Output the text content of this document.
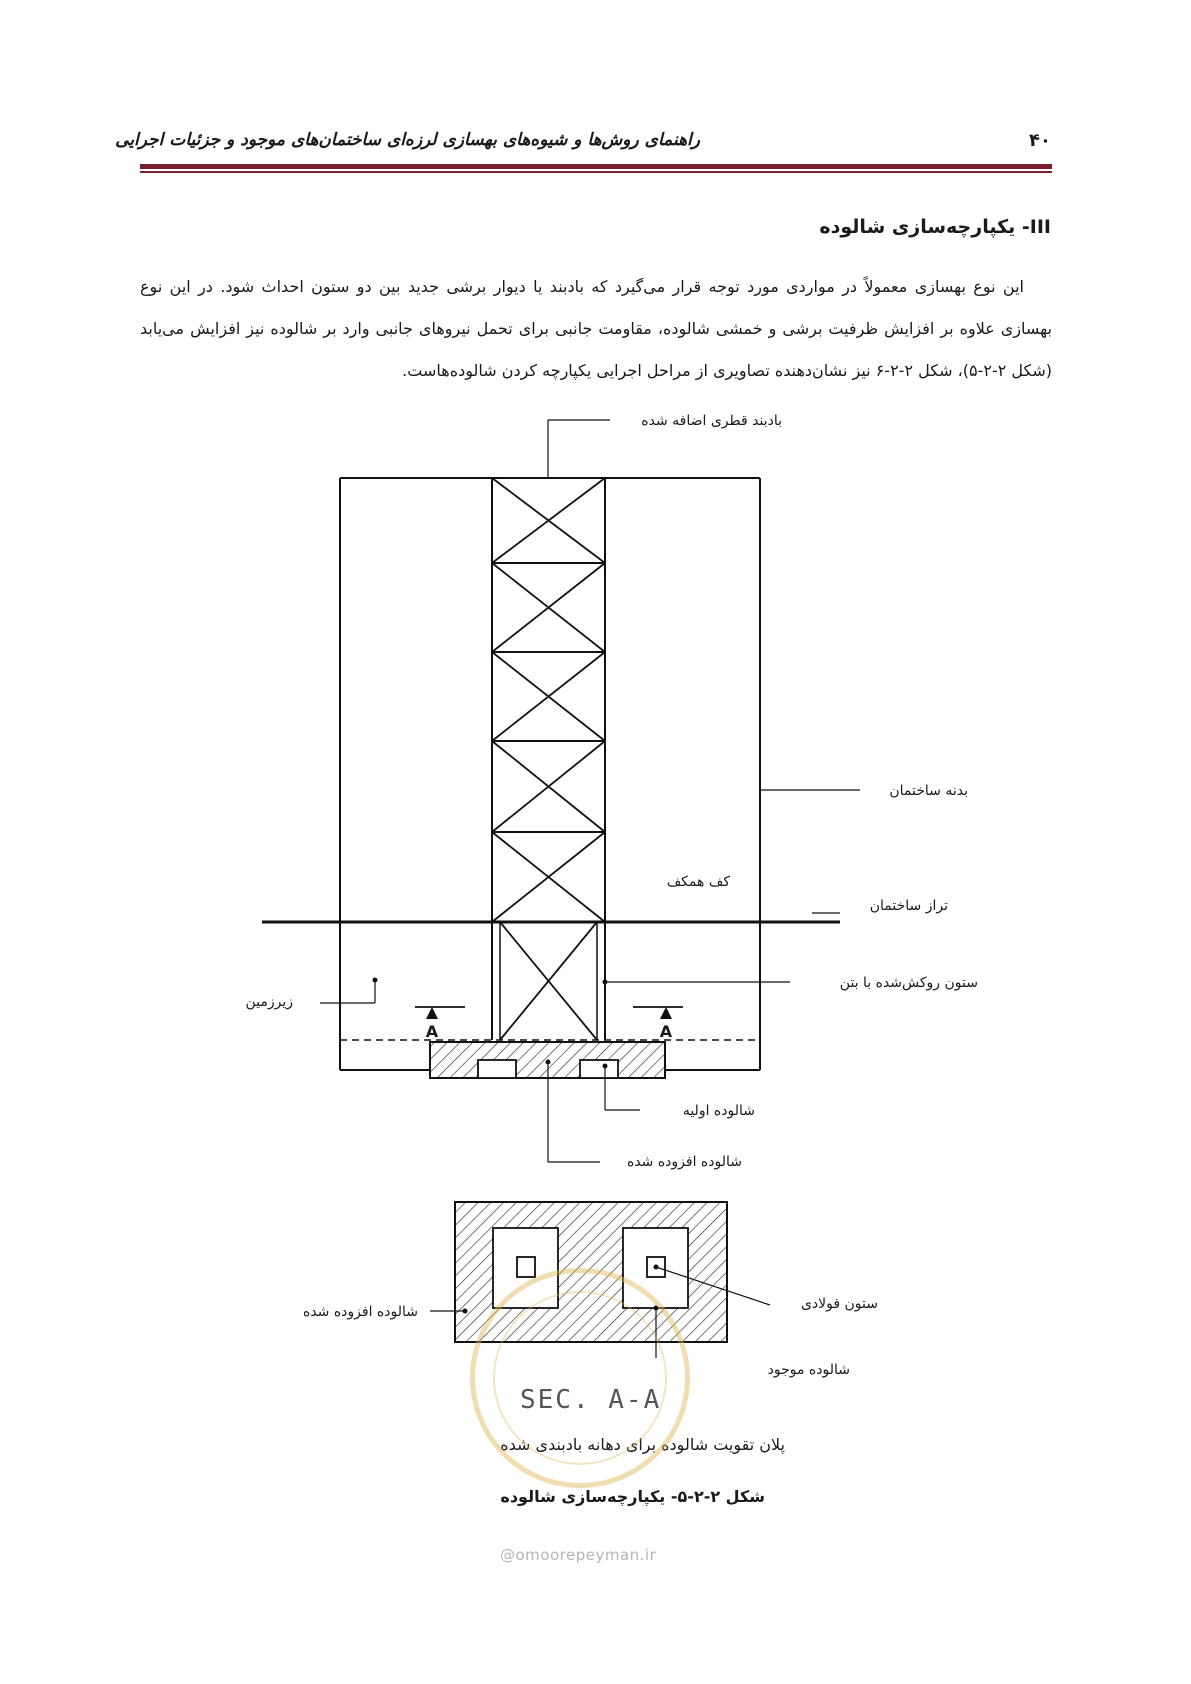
راهنمای روش‌ها و شیوه‌های بهسازی لرزه‌ای ساختمان‌های موجود و جزئیات اجرایی	۴۰
III- یکپارچه‌سازی شالوده
این نوع بهسازی معمولاً در مواردی مورد توجه قرار می‌گیرد که بادبند یا دیوار برشی جدید بین دو ستون احداث شود. در این نوع بهسازی علاوه بر افزایش ظرفیت برشی و خمشی شالوده، مقاومت جانبی برای تحمل نیروهای جانبی وارد بر شالوده نیز افزایش می‌یابد (شکل ۲-۲-۵)، شکل ۲-۲-۶ نیز نشان‌دهنده تصاویری از مراحل اجرایی یکپارچه کردن شالوده‌هاست.
بادبند قطری اضافه شده
بدنه ساختمان
کف همکف
تراز ساختمان
زیرزمین
ستون روکش‌شده با بتن
A	A
شالوده اولیه
شالوده افزوده شده
شالوده افزوده شده	ستون فولادی
شالوده موجود
SEC. A-A
پلان تقویت شالوده برای دهانه بادبندی شده
شکل ۲-۲-۵- یکپارچه‌سازی شالوده
@omoorepeyman.ir
